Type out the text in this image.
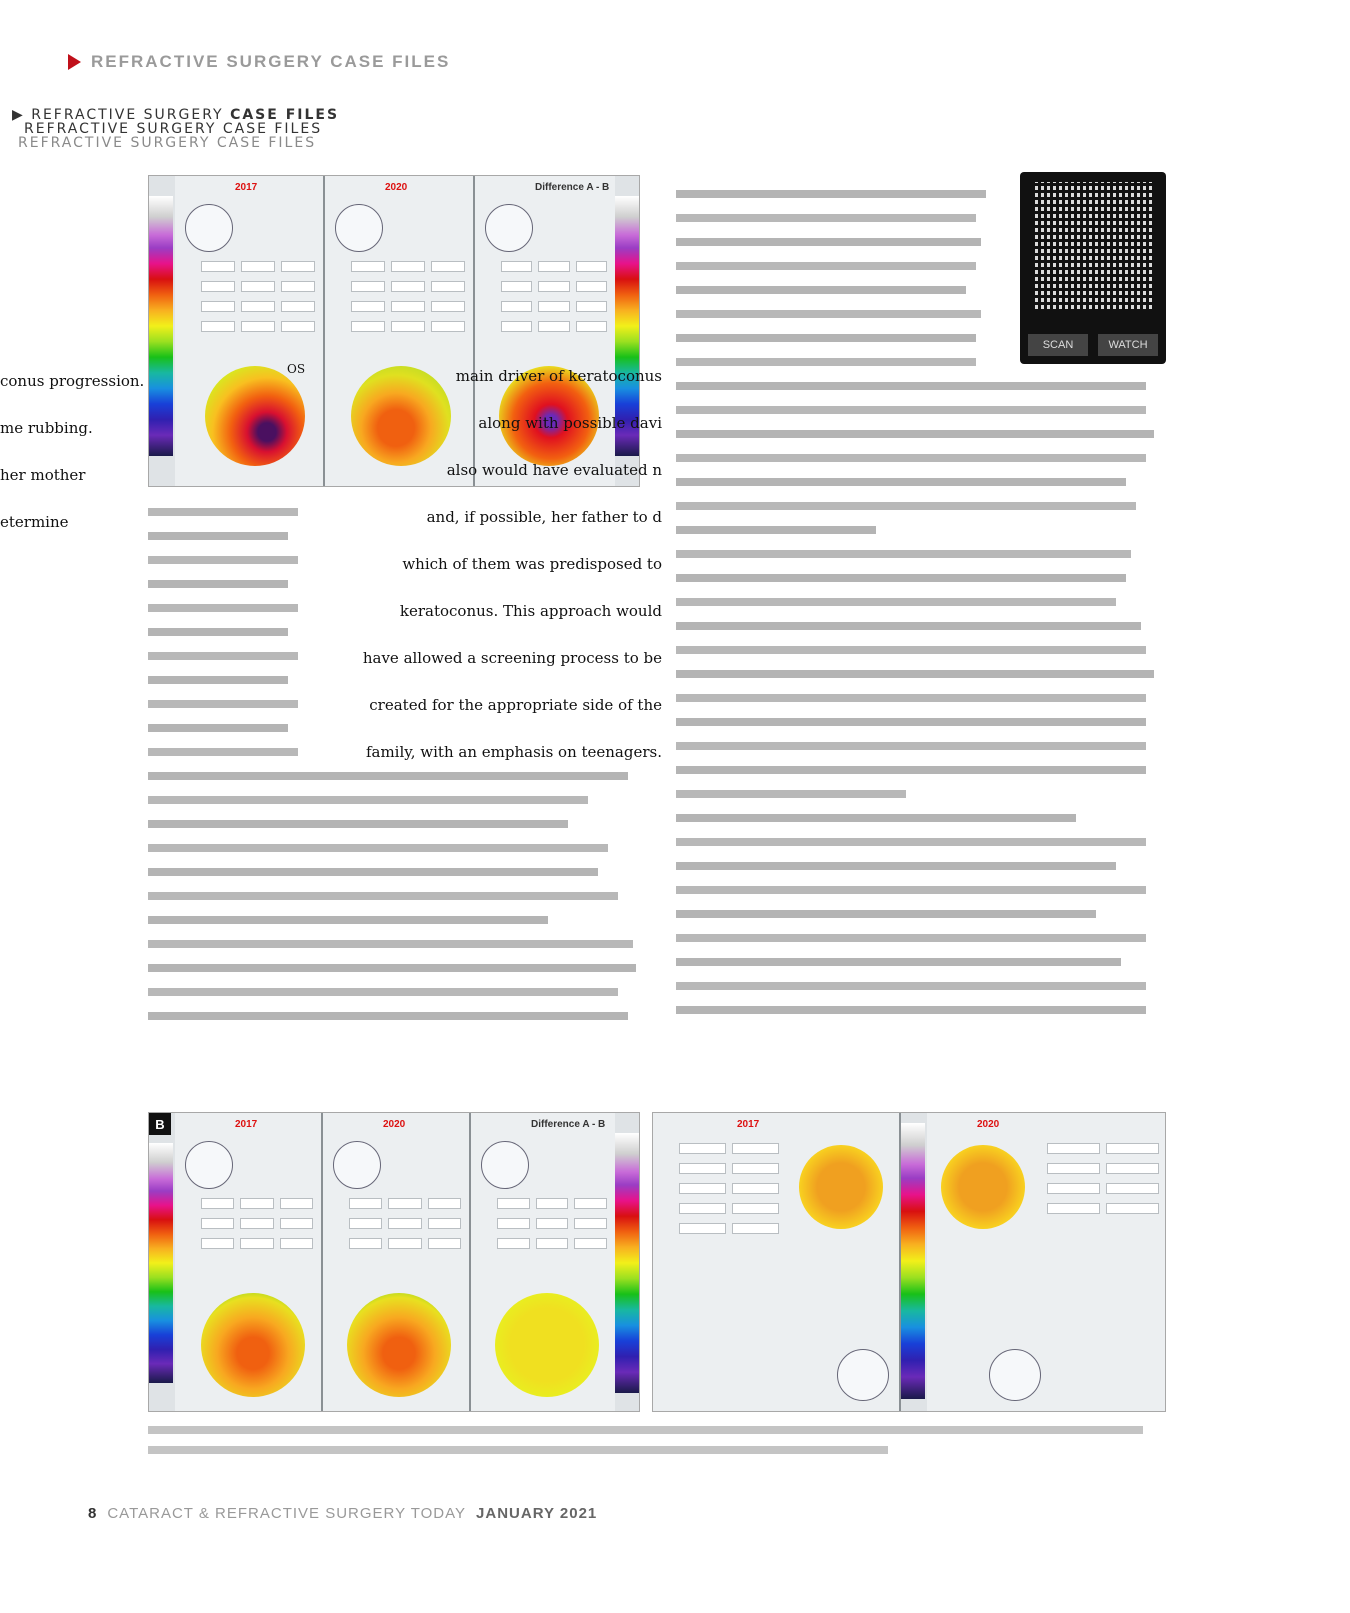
REFRACTIVE SURGERY CASE FILES
▶ REFRACTIVE SURGERY CASE FILES
REFRACTIVE SURGERY CASE FILES
REFRACTIVE SURGERY CASE FILES
2017
OS
2020	Difference A - B
SCAN	WATCH
main driver of keratoconus
along with possible davi
also would have evaluated n
and, if possible, her father to d
which of them was predisposed to
keratoconus. This approach would
have allowed a screening process to be
created for the appropriate side of the
family, with an emphasis on teenagers.
conus progression.
me rubbing.
her mother
etermine
B	2017	2020	Difference A - B	2017	2020
8 CATARACT & REFRACTIVE SURGERY TODAY JANUARY 2021
